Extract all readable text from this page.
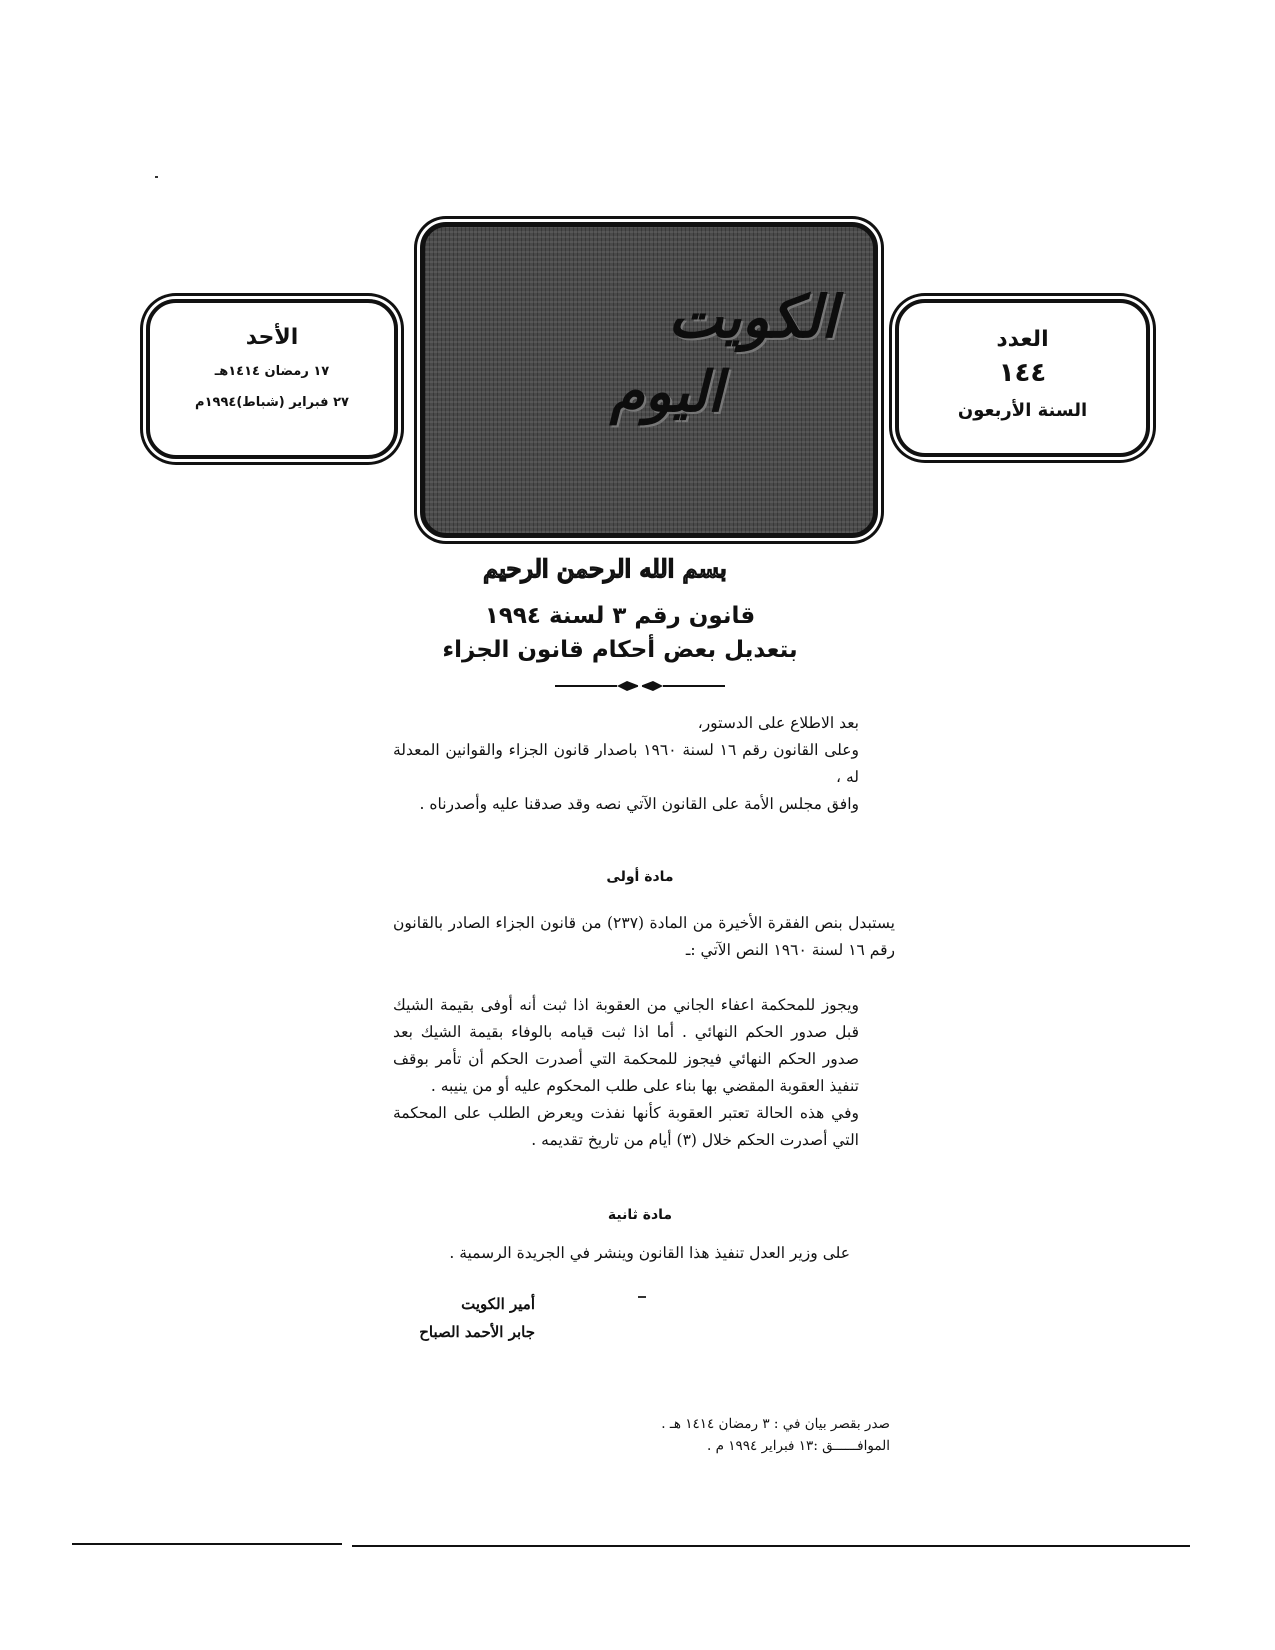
الكويت
اليوم
العدد
١٤٤
السنة الأربعون
الأحد
١٧ رمضان ١٤١٤هـ
٢٧ فبراير (شباط)١٩٩٤م
بسم الله الرحمن الرحيم
قانون رقم ٣ لسنة ١٩٩٤
بتعديل بعض أحكام قانون الجزاء
بعد الاطلاع على الدستور،
وعلى القانون رقم ١٦ لسنة ١٩٦٠ باصدار قانون الجزاء والقوانين المعدلة له ،
وافق مجلس الأمة على القانون الآتي نصه وقد صدقنا عليه وأصدرناه .
مادة أولى
يستبدل بنص الفقرة الأخيرة من المادة (٢٣٧) من قانون الجزاء الصادر بالقانون رقم ١٦ لسنة ١٩٦٠ النص الآتي :ـ
ويجوز للمحكمة اعفاء الجاني من العقوبة اذا ثبت أنه أوفى بقيمة الشيك قبل صدور الحكم النهائي . أما اذا ثبت قيامه بالوفاء بقيمة الشيك بعد صدور الحكم النهائي فيجوز للمحكمة التي أصدرت الحكم أن تأمر بوقف تنفيذ العقوبة المقضي بها بناء على طلب المحكوم عليه أو من ينيبه .
وفي هذه الحالة تعتبر العقوبة كأنها نفذت ويعرض الطلب على المحكمة التي أصدرت الحكم خلال (٣) أيام من تاريخ تقديمه .
مادة ثانية
على وزير العدل تنفيذ هذا القانون وينشر في الجريدة الرسمية .
أمير الكويت
جابر الأحمد الصباح
صدر بقصر بيان في : ٣ رمضان ١٤١٤ هـ .
الموافــــــق :١٣ فبراير ١٩٩٤ م .
